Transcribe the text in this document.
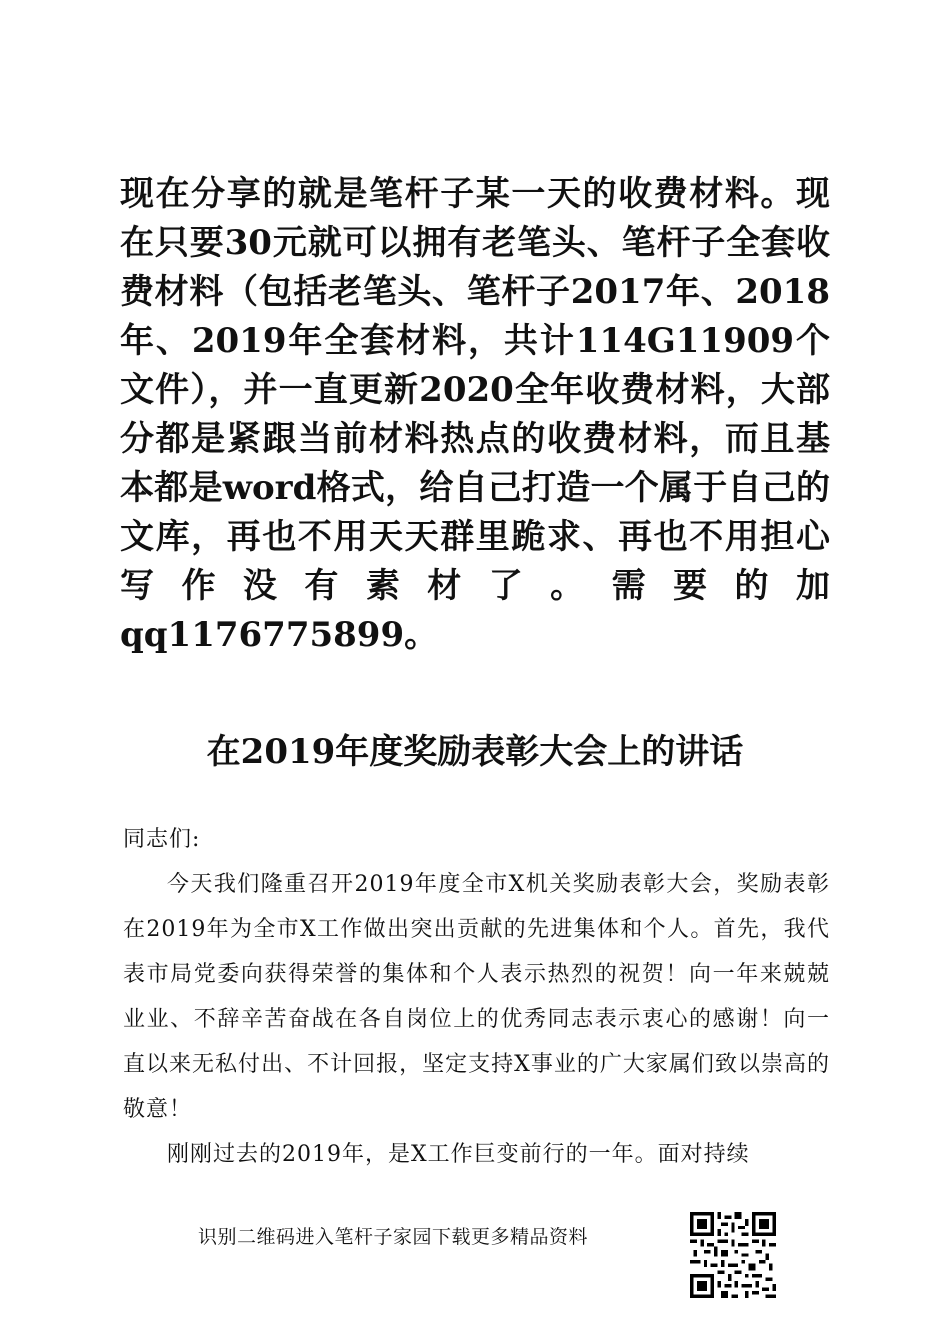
现在分享的就是笔杆子某一天的收费材料。现在只要30元就可以拥有老笔头、笔杆子全套收费材料（包括老笔头、笔杆子2017年、2018年、2019年全套材料，共计114G11909个文件），并一直更新2020全年收费材料，大部分都是紧跟当前材料热点的收费材料，而且基本都是word格式，给自己打造一个属于自己的文库，再也不用天天群里跪求、再也不用担心写作没有素材了。需要的加qq1176775899。

在2019年度奖励表彰大会上的讲话

同志们:

今天我们隆重召开2019年度全市X机关奖励表彰大会，奖励表彰在2019年为全市X工作做出突出贡献的先进集体和个人。首先，我代表市局党委向获得荣誉的集体和个人表示热烈的祝贺！向一年来兢兢业业、不辞辛苦奋战在各自岗位上的优秀同志表示衷心的感谢！向一直以来无私付出、不计回报，坚定支持X事业的广大家属们致以崇高的敬意！

刚刚过去的2019年，是X工作巨变前行的一年。面对持续

识别二维码进入笔杆子家园下载更多精品资料
